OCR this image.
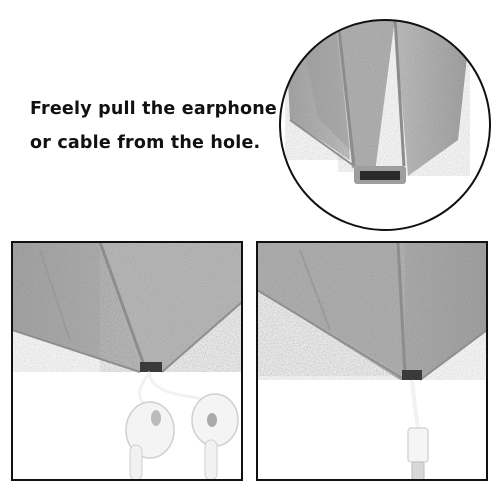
Freely pull the earphone
or cable from the hole.
